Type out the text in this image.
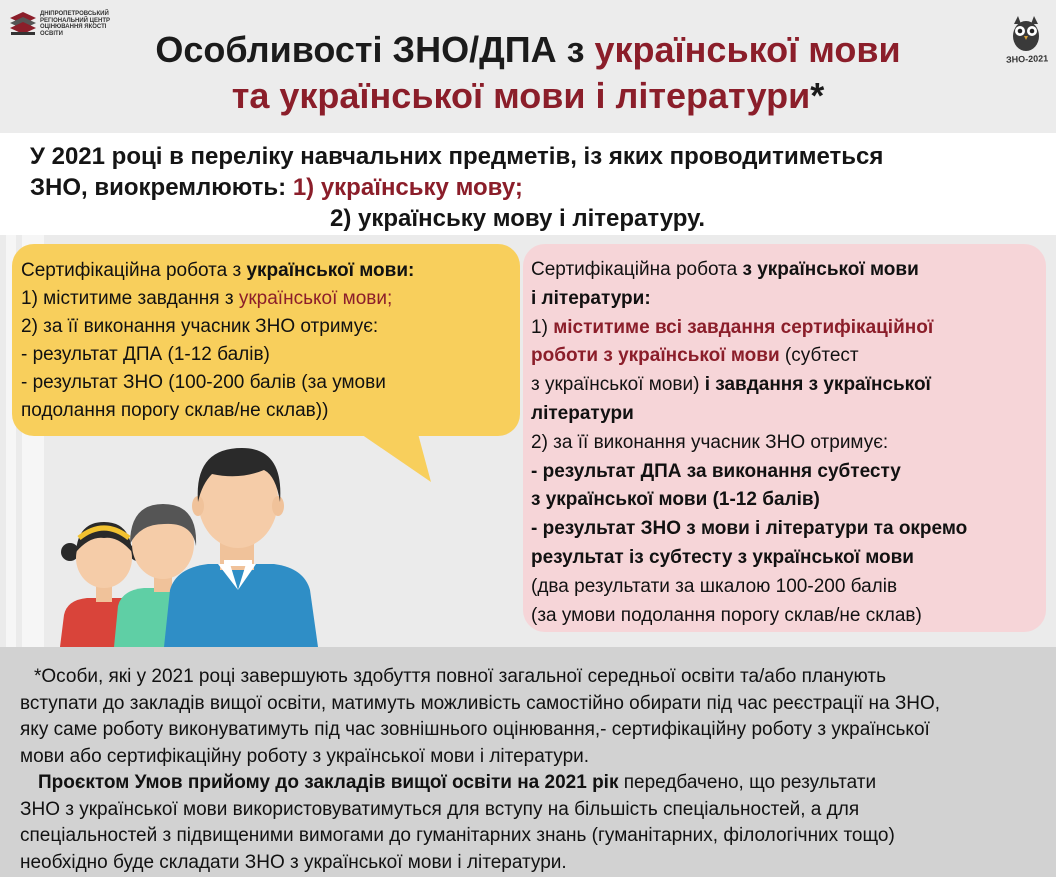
ДНІПРОПЕТРОВСЬКИЙ РЕГІОНАЛЬНИЙ ЦЕНТР ОЦІНЮВАННЯ ЯКОСТІ ОСВІТИ
ЗНО-2021
Особливості ЗНО/ДПА з української мови
та української мови і літератури*
У 2021 році в переліку навчальних предметів, із яких проводитиметься
ЗНО, виокремлюють: 1) українську мову;
2) українську мову і літературу.
Сертифікаційна робота з української мови:
1) міститиме завдання з української мови;
2) за її виконання учасник ЗНО отримує:
- результат ДПА (1-12 балів)
- результат ЗНО (100-200 балів (за умови
подолання порогу склав/не склав))
Сертифікаційна робота з української мови
і літератури:
1) міститиме всі завдання сертифікаційної
роботи з української мови (субтест
з української мови) і завдання з української
літератури
2) за її виконання учасник ЗНО отримує:
- результат ДПА за виконання субтесту
з української мови (1-12 балів)
- результат ЗНО з мови і літератури та окремо
результат із субтесту з української мови
(два результати за шкалою 100-200 балів
(за умови подолання порогу склав/не склав)
*Особи, які у 2021 році завершують здобуття повної загальної середньої освіти та/або планують
вступати до закладів вищої освіти, матимуть можливість самостійно обирати під час реєстрації на ЗНО,
яку саме роботу виконуватимуть під час зовнішнього оцінювання,- сертифікаційну роботу з української
мови або сертифікаційну роботу з української мови і літератури.
Проєктом Умов прийому до закладів вищої освіти на 2021 рік передбачено, що результати
ЗНО з української мови використовуватимуться для вступу на більшість спеціальностей, а для
спеціальностей з підвищеними вимогами до гуманітарних знань (гуманітарних, філологічних тощо)
необхідно буде складати ЗНО з української мови і літератури.
